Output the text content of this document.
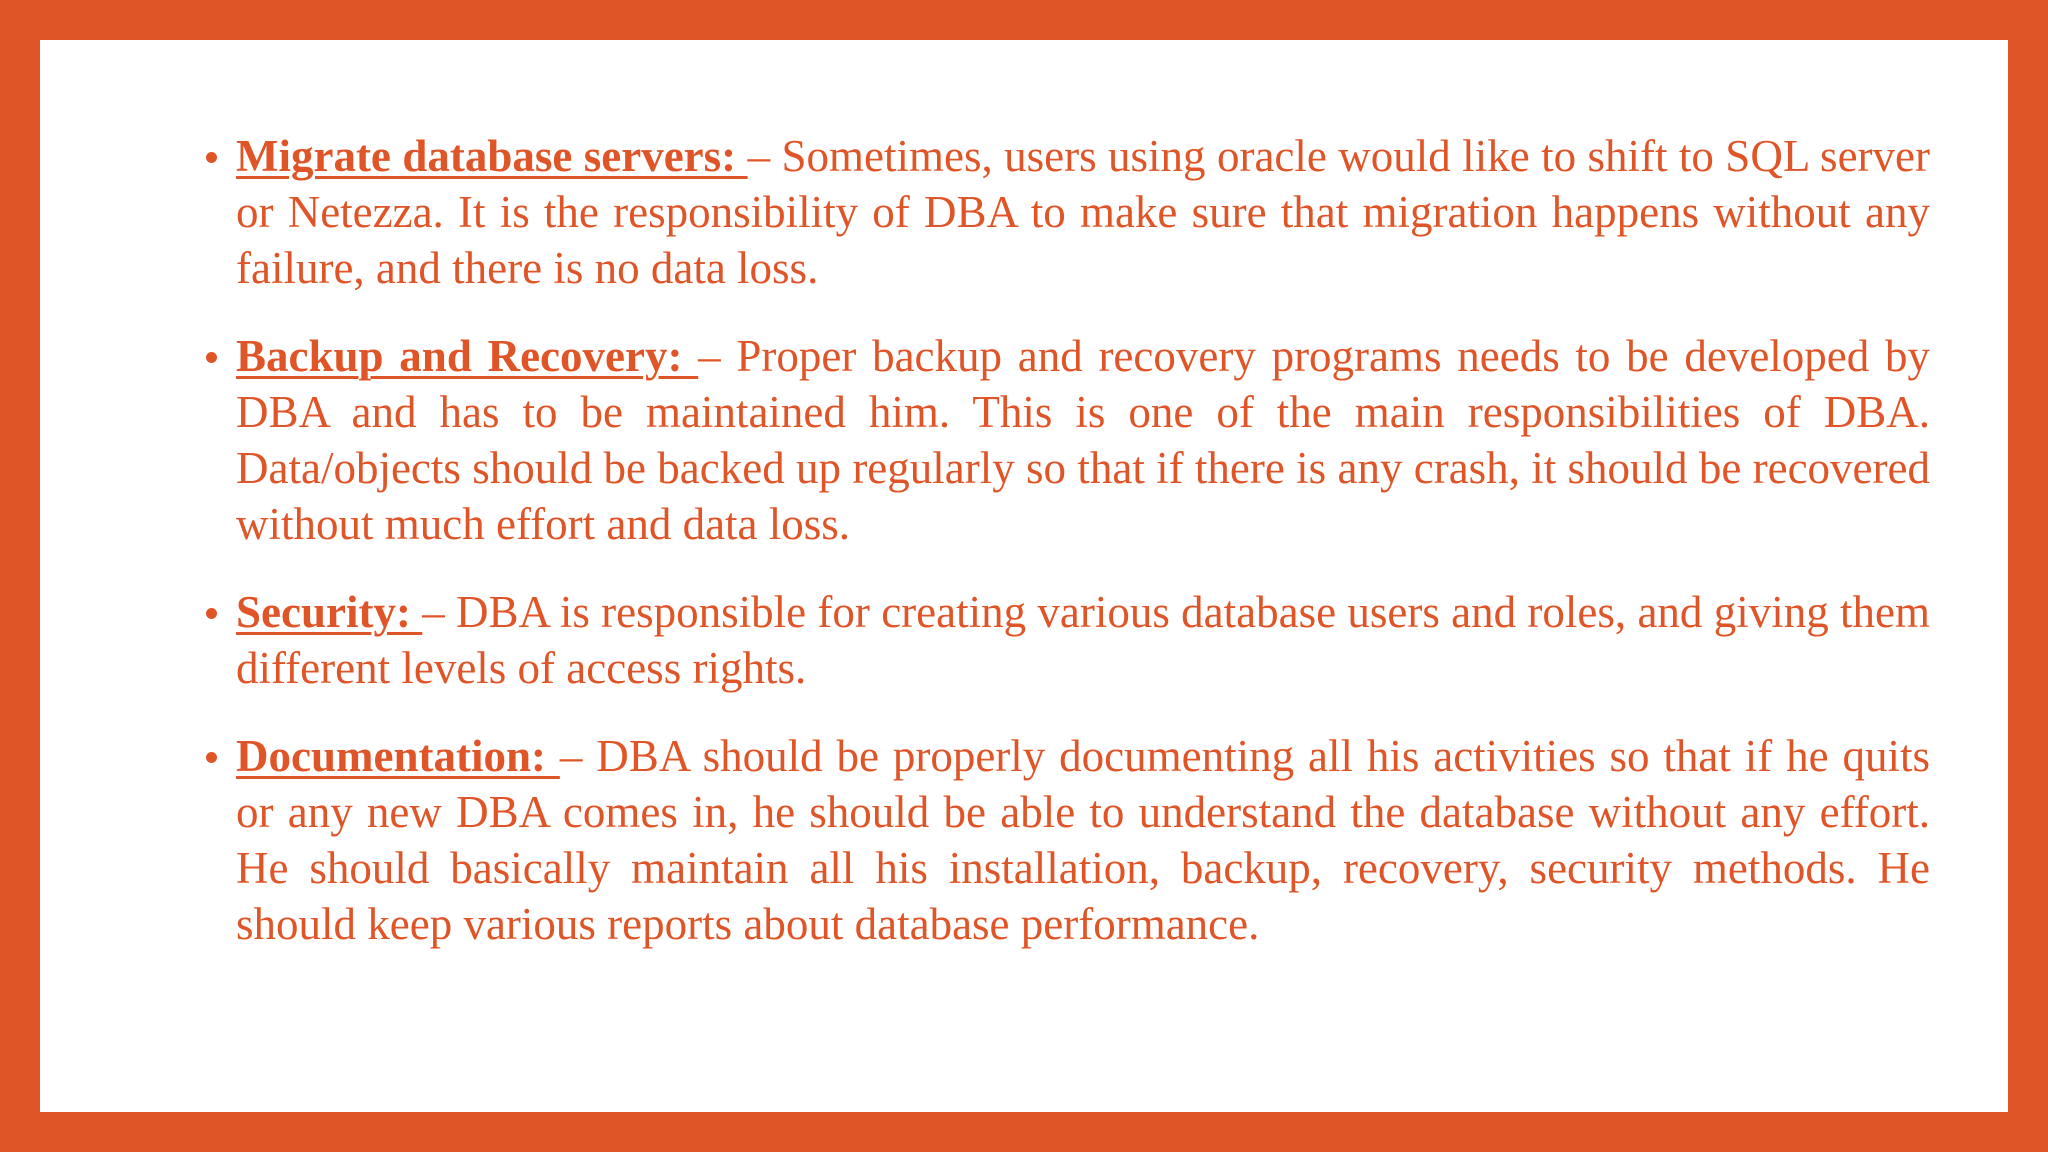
Migrate database servers: – Sometimes, users using oracle would like to shift to SQL server or Netezza. It is the responsibility of DBA to make sure that migration happens without any failure, and there is no data loss.
Backup and Recovery: – Proper backup and recovery programs needs to be developed by DBA and has to be maintained him. This is one of the main responsibilities of DBA. Data/objects should be backed up regularly so that if there is any crash, it should be recovered without much effort and data loss.
Security: – DBA is responsible for creating various database users and roles, and giving them different levels of access rights.
Documentation: – DBA should be properly documenting all his activities so that if he quits or any new DBA comes in, he should be able to understand the database without any effort. He should basically maintain all his installation, backup, recovery, security methods. He should keep various reports about database performance.
